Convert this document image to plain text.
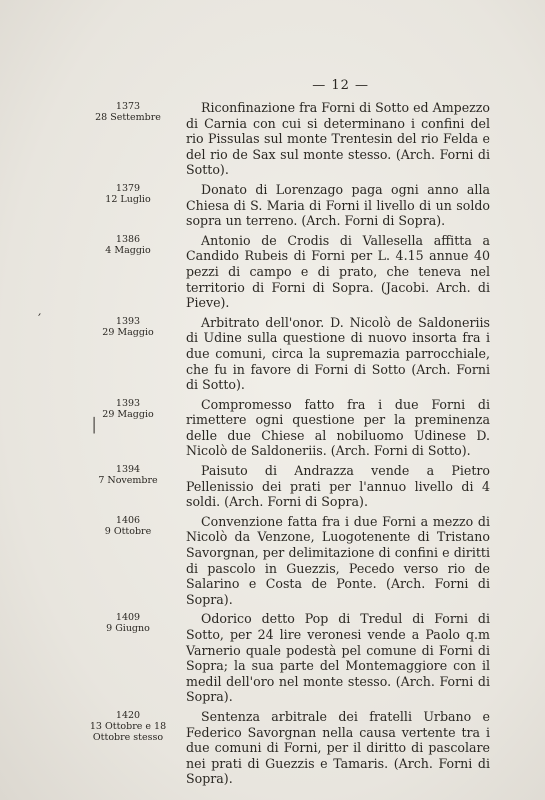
— 12 —
′
│
1373
28 Settembre
Riconfinazione fra Forni di Sotto ed Ampezzo di Carnia con cui si determinano i confini del rio Pissulas sul monte Trentesin del rio Felda e del rio de Sax sul monte stesso. (Arch. Forni di Sotto).
1379
12 Luglio
Donato di Lorenzago paga ogni anno alla Chiesa di S. Maria di Forni il livello di un soldo sopra un terreno. (Arch. Forni di Sopra).
1386
4 Maggio
Antonio de Crodis di Vallesella affitta a Candido Rubeis di Forni per L. 4.15 annue 40 pezzi di campo e di prato, che teneva nel territorio di Forni di Sopra. (Jacobi. Arch. di Pieve).
1393
29 Maggio
Arbitrato dell'onor. D. Nicolò de Saldoneriis di Udine sulla questione di nuovo insorta fra i due comuni, circa la supremazia parrocchiale, che fu in favore di Forni di Sotto (Arch. Forni di Sotto).
1393
29 Maggio
Compromesso fatto fra i due Forni di rimettere ogni questione per la preminenza delle due Chiese al nobiluomo Udinese D. Nicolò de Saldoneriis. (Arch. Forni di Sotto).
1394
7 Novembre
Paisuto di Andrazza vende a Pietro Pellenissio dei prati per l'annuo livello di 4 soldi. (Arch. Forni di Sopra).
1406
9 Ottobre
Convenzione fatta fra i due Forni a mezzo di Nicolò da Venzone, Luogotenente di Tristano Savorgnan, per delimitazione di confini e diritti di pascolo in Guezzis, Pecedo verso rio de Salarino e Costa de Ponte. (Arch. Forni di Sopra).
1409
9 Giugno
Odorico detto Pop di Tredul di Forni di Sotto, per 24 lire veronesi vende a Paolo q.m Varnerio quale podestà pel comune di Forni di Sopra; la sua parte del Montemaggiore con il medil dell'oro nel monte stesso. (Arch. Forni di Sopra).
1420
13 Ottobre e 18 Ottobre stesso
Sentenza arbitrale dei fratelli Urbano e Federico Savorgnan nella causa vertente tra i due comuni di Forni, per il diritto di pascolare nei prati di Guezzis e Tamaris. (Arch. Forni di Sopra).
